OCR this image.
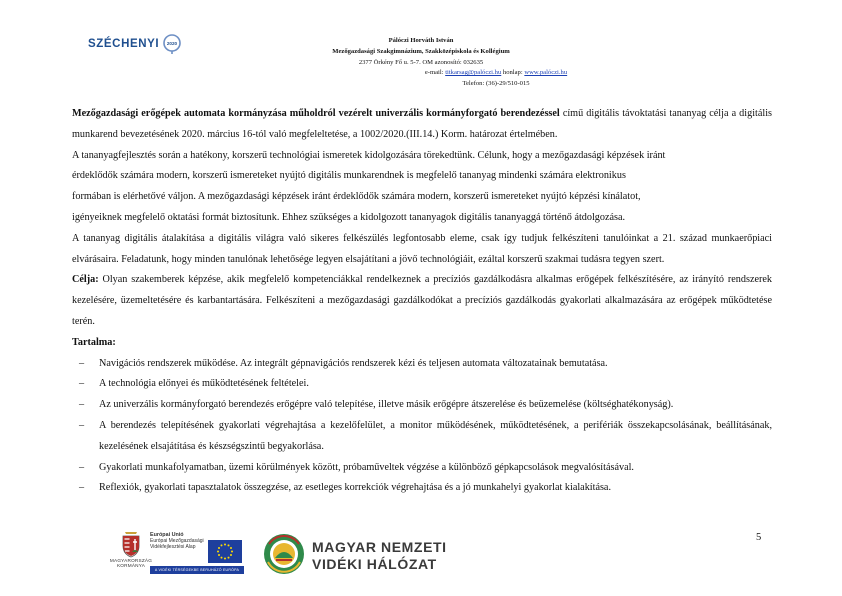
SZÉCHENYI 2020	Pálóczi Horváth István
Mezőgazdasági Szakgimnázium, Szakközépiskola és Kollégium
2377 Örkény Fő u. 5-7. OM azonosító: 032635
e-mail: titkarsag@palóczi.hu honlap: www.palóczi.hu
Telefon: (36)-29/510-015

Mezőgazdasági erőgépek automata kormányzása műholdról vezérelt univerzális kormányforgató berendezéssel című digitális távoktatási tananyag célja a digitális munkarend bevezetésének 2020. március 16-tól való megfeleltetése, a 1002/2020.(III.14.) Korm. határozat értelmében.

A tananyagfejlesztés során a hatékony, korszerű technológiai ismeretek kidolgozására törekedtünk. Célunk, hogy a mezőgazdasági képzések iránt
érdeklődők számára modern, korszerű ismereteket nyújtó digitális munkarendnek is megfelelő tananyag mindenki számára elektronikus
formában is elérhetővé váljon. A mezőgazdasági képzések iránt érdeklődők számára modern, korszerű ismereteket nyújtó képzési kínálatot,
igényeiknek megfelelő oktatási formát biztosítunk. Ehhez szükséges a kidolgozott tananyagok digitális tananyaggá történő átdolgozása.

A tananyag digitális átalakítása a digitális világra való sikeres felkészülés legfontosabb eleme, csak így tudjuk felkészíteni tanulóinkat a 21. század munkaerőpiaci elvárásaira. Feladatunk, hogy minden tanulónak lehetősége legyen elsajátítani a jövő technológiáit, ezáltal korszerű szakmai tudásra tegyen szert.

Célja: Olyan szakemberek képzése, akik megfelelő kompetenciákkal rendelkeznek a precíziós gazdálkodásra alkalmas erőgépek felkészítésére, az irányító rendszerek kezelésére, üzemeltetésére és karbantartására. Felkészíteni a mezőgazdasági gazdálkodókat a precíziós gazdálkodás gyakorlati alkalmazására az erőgépek működtetése terén.

Tartalma:

– Navigációs rendszerek működése. Az integrált gépnavigációs rendszerek kézi és teljesen automata változatainak bemutatása.
– A technológia előnyei és működtetésének feltételei.
– Az univerzális kormányforgató berendezés erőgépre való telepítése, illetve másik erőgépre átszerelése és beüzemelése (költséghatékonyság).
– A berendezés telepítésének gyakorlati végrehajtása a kezelőfelület, a monitor működésének, működtetésének, a perifériák összekapcsolásának, beállításának, kezelésének elsajátítása és készségszintű begyakorlása.
– Gyakorlati munkafolyamatban, üzemi körülmények között, próbaműveltek végzése a különböző gépkapcsolások megvalósításával.
– Reflexiók, gyakorlati tapasztalatok összegzése, az esetleges korrekciók végrehajtása és a jó munkahelyi gyakorlat kialakítása.
5
MAGYARORSZÁG
KORMÁNYA
Európai Unió
Európai Mezőgazdasági
Vidékfejlesztési Alap
A VIDÉKI TÉRSÉGEKBE BERUHÁZÓ EURÓPA
MAGYAR NEMZETI
VIDÉKI HÁLÓZAT
